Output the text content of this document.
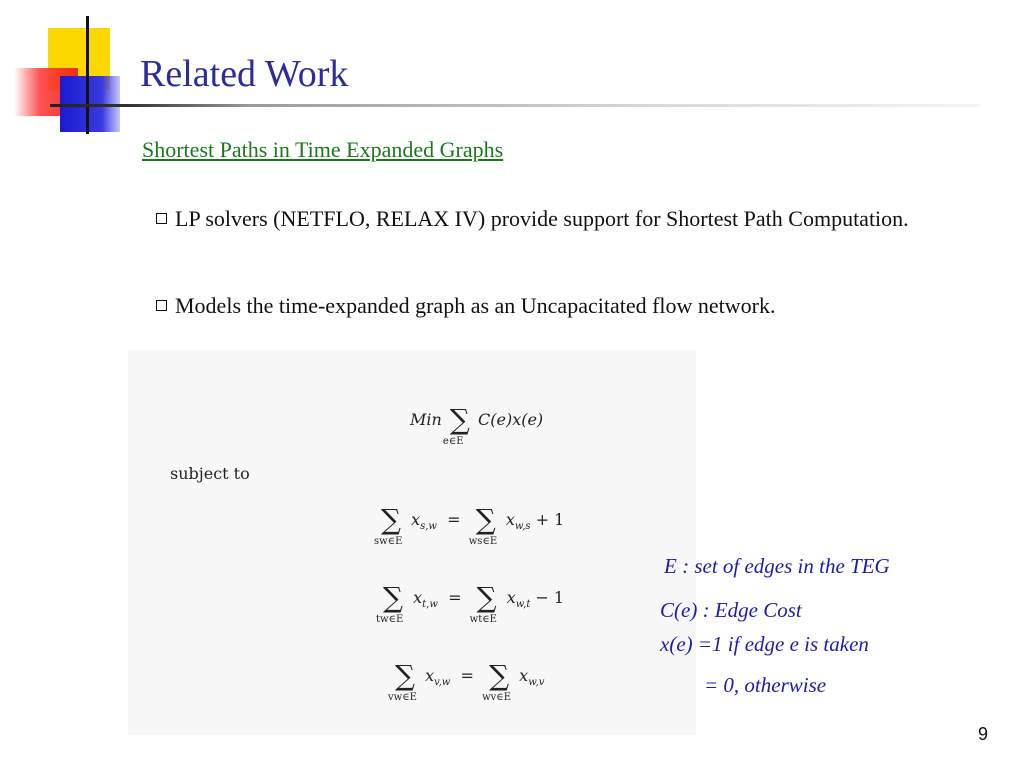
Related Work
Shortest Paths in Time Expanded Graphs
LP solvers (NETFLO, RELAX IV) provide support for Shortest Path Computation.
Models the time-expanded graph as an Uncapacitated flow network.
Min ∑
e∈E
C(e)x(e)
subject to
∑
sw∈E
$x_{s,w}$  =  ∑
ws∈E
$x_{w,s} + 1$
∑
tw∈E
$x_{t,w}$  =  ∑
wt∈E
$x_{w,t} - 1$
∑
vw∈E
$x_{v,w}$  =  ∑
wv∈E
$x_{w,v}$
E : set of edges in the TEG
C(e) : Edge Cost
x(e) =1 if edge e is taken
= 0, otherwise
9
